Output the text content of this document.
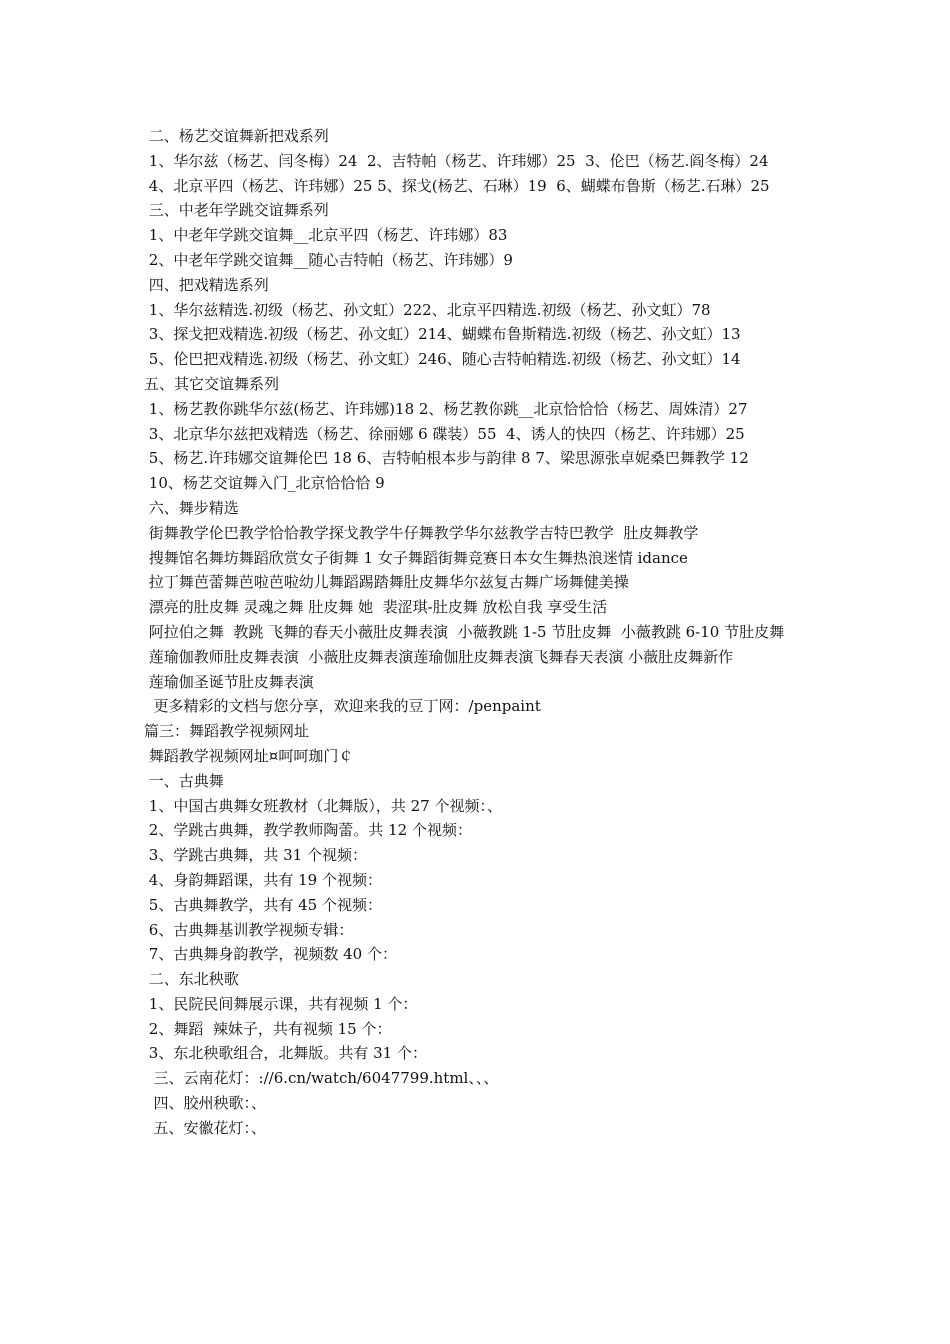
二、杨艺交谊舞新把戏系列

1、华尔兹（杨艺、闫冬梅）24  2、吉特帕（杨艺、许玮娜）25  3、伦巴（杨艺.阎冬梅）24

4、北京平四（杨艺、许玮娜）25 5、探戈(杨艺、石琳）19  6、蝴蝶布鲁斯（杨艺.石琳）25

三、中老年学跳交谊舞系列

1、中老年学跳交谊舞__北京平四（杨艺、许玮娜）83

2、中老年学跳交谊舞__随心吉特帕（杨艺、许玮娜）9

四、把戏精选系列

1、华尔兹精选.初级（杨艺、孙文虹）222、北京平四精选.初级（杨艺、孙文虹）78

3、探戈把戏精选.初级（杨艺、孙文虹）214、蝴蝶布鲁斯精选.初级（杨艺、孙文虹）13

5、伦巴把戏精选.初级（杨艺、孙文虹）246、随心吉特帕精选.初级（杨艺、孙文虹）14

五、其它交谊舞系列

1、杨艺教你跳华尔兹(杨艺、许玮娜)18 2、杨艺教你跳__北京恰恰恰（杨艺、周姝清）27

3、北京华尔兹把戏精选（杨艺、徐丽娜 6 碟装）55  4、诱人的快四（杨艺、许玮娜）25

5、杨艺.许玮娜交谊舞伦巴 18 6、吉特帕根本步与韵律 8 7、梁思源张卓妮桑巴舞教学 12

10、杨艺交谊舞入门_北京恰恰恰 9

六、舞步精选

街舞教学伦巴教学恰恰教学探戈教学牛仔舞教学华尔兹教学吉特巴教学  肚皮舞教学

搜舞馆名舞坊舞蹈欣赏女子街舞 1 女子舞蹈街舞竞赛日本女生舞热浪迷情 idance

拉丁舞芭蕾舞芭啦芭啦幼儿舞蹈踢踏舞肚皮舞华尔兹复古舞广场舞健美操

漂亮的肚皮舞 灵魂之舞 肚皮舞 她  裴涩琪-肚皮舞 放松自我 享受生活

阿拉伯之舞  教跳 飞舞的春天小薇肚皮舞表演  小薇教跳 1-5 节肚皮舞  小薇教跳 6-10 节肚皮舞

莲瑜伽教师肚皮舞表演  小薇肚皮舞表演莲瑜伽肚皮舞表演飞舞春天表演 小薇肚皮舞新作

莲瑜伽圣诞节肚皮舞表演

更多精彩的文档与您分享，欢迎来我的豆丁网：/penpaint

篇三：舞蹈教学视频网址

舞蹈教学视频网址¤呵呵珈门￠

一、古典舞

1、中国古典舞女班教材（北舞版），共 27 个视频：、

2、学跳古典舞，教学教师陶蕾。共 12 个视频：

3、学跳古典舞，共 31 个视频：

4、身韵舞蹈课，共有 19 个视频：

5、古典舞教学，共有 45 个视频：

6、古典舞基训教学视频专辑：

7、古典舞身韵教学，视频数 40 个：

二、东北秧歌

1、民院民间舞展示课，共有视频 1 个：

2、舞蹈  辣妹子，共有视频 15 个：

3、东北秧歌组合，北舞版。共有 31 个：

三、云南花灯：://6.cn/watch/6047799.html、、、

四、胶州秧歌：、

五、安徽花灯：、
